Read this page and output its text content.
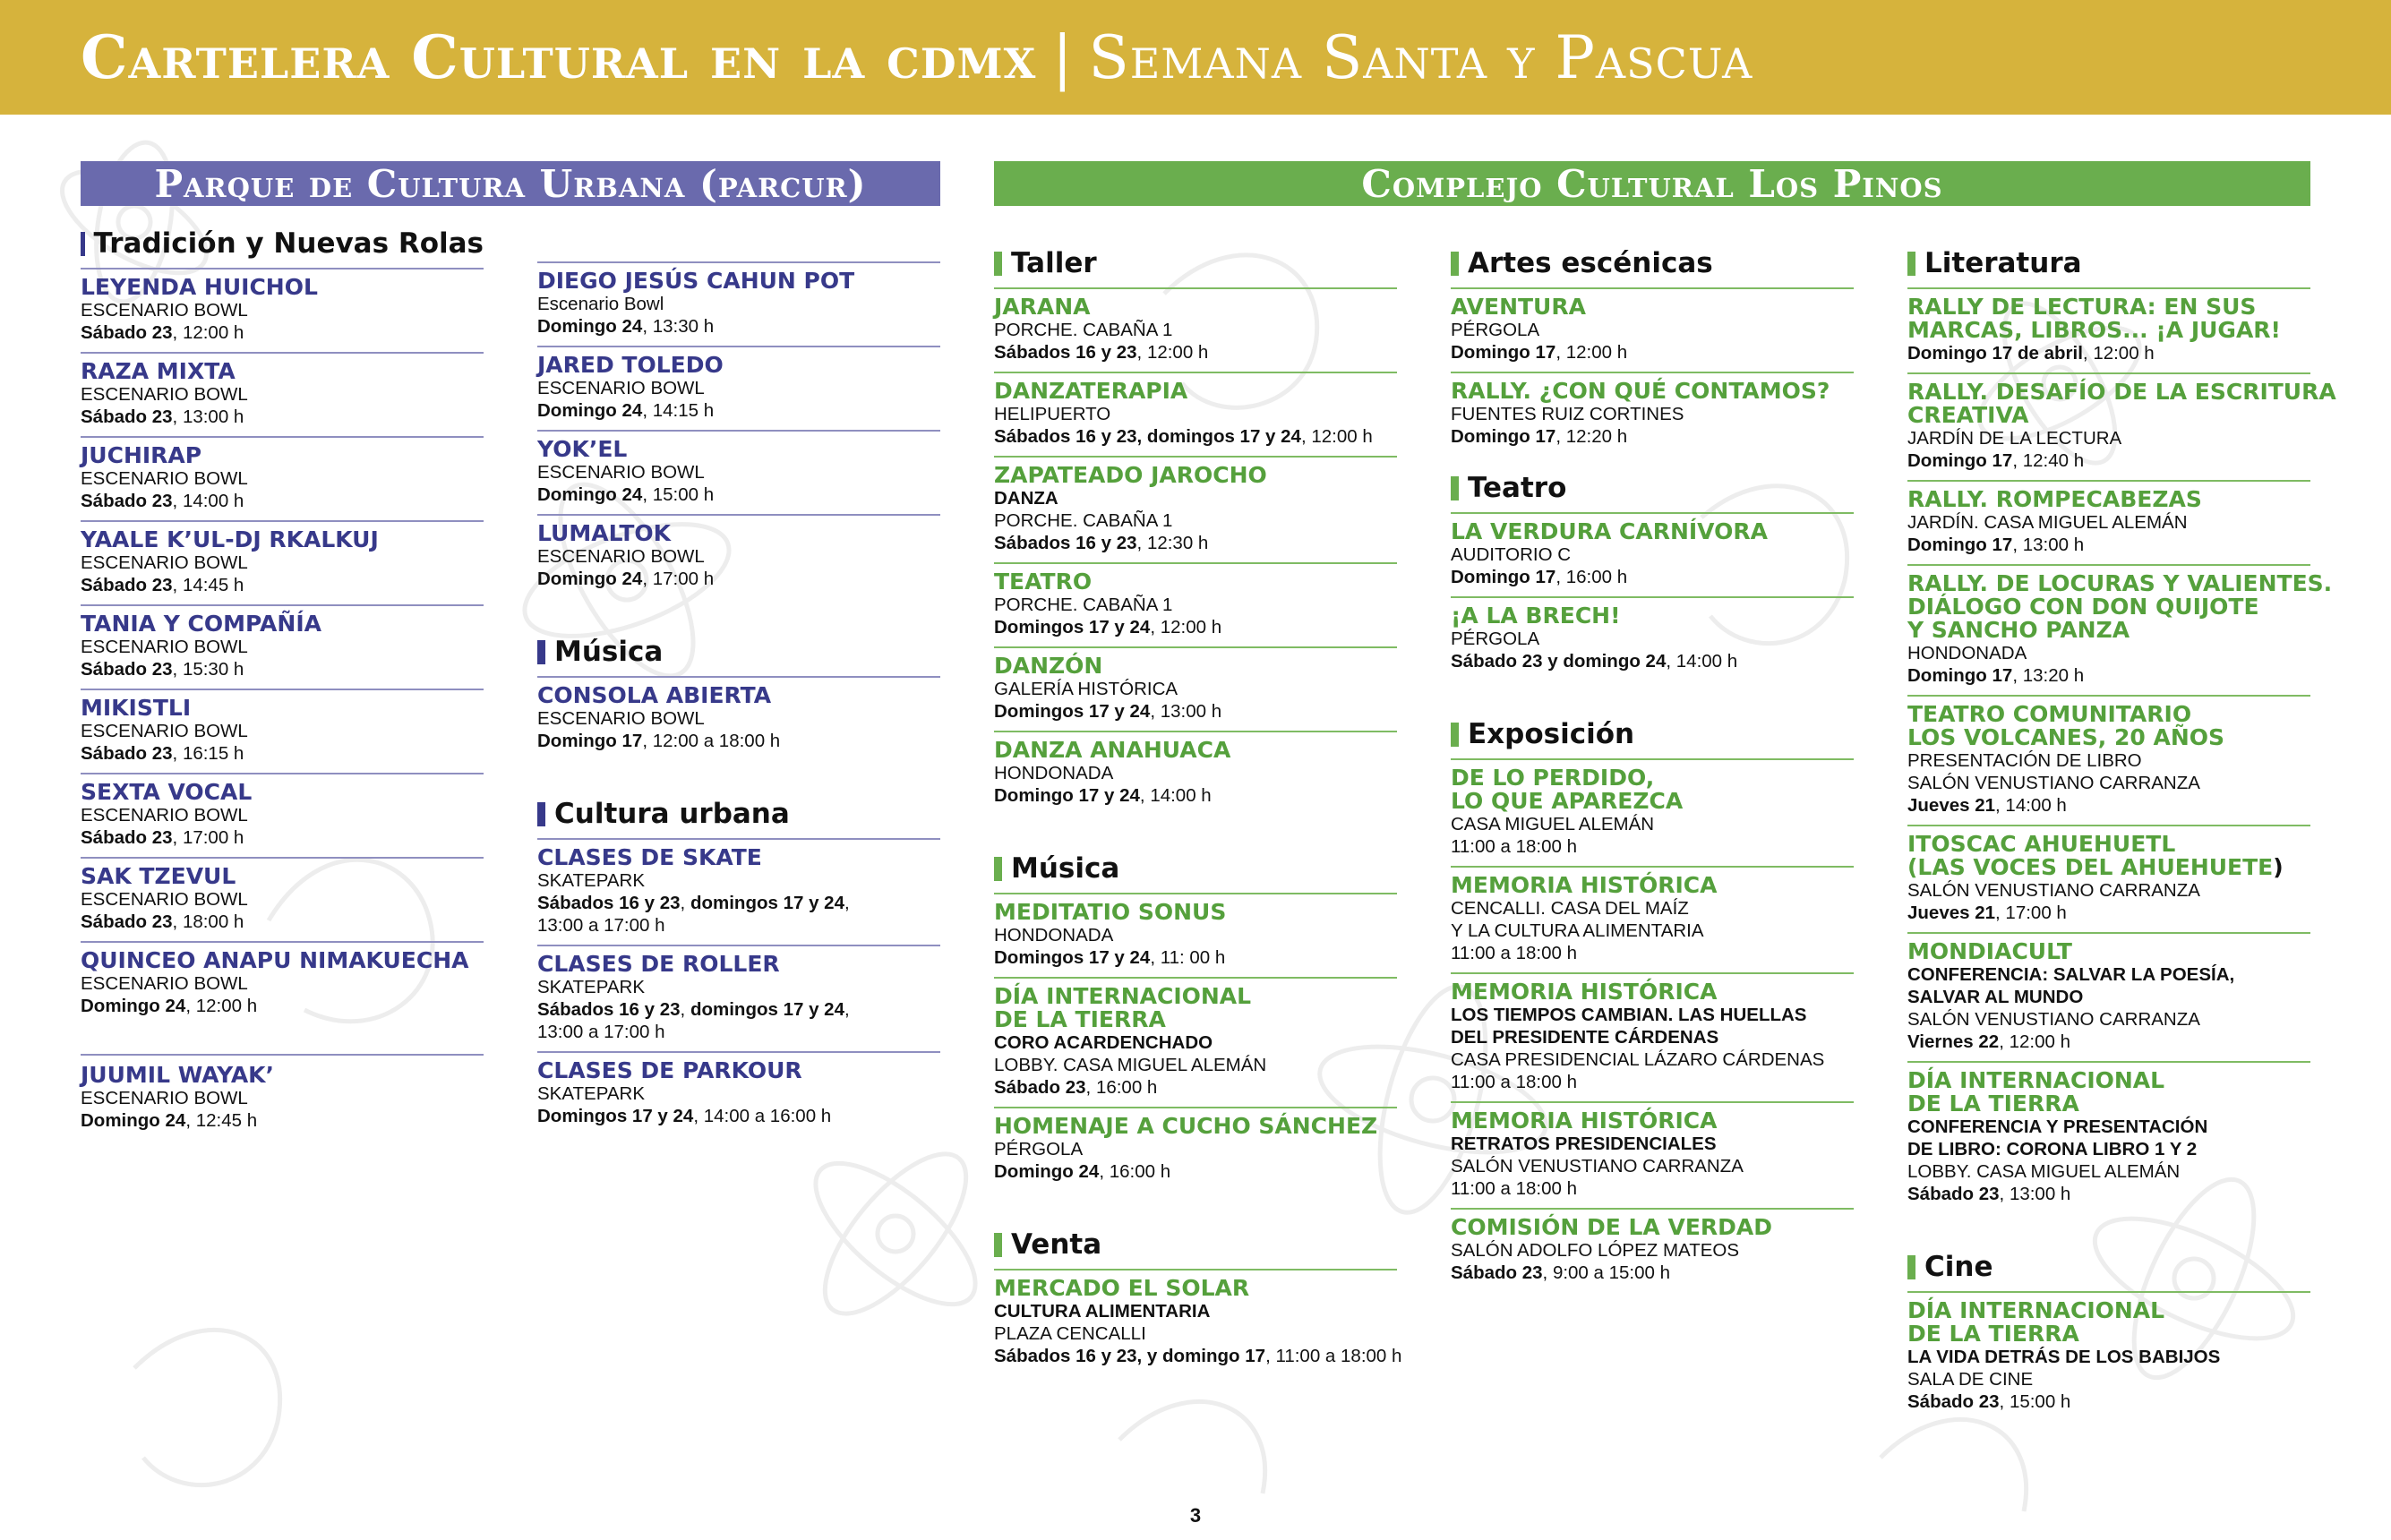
Cartelera Cultural en la cdmx | Semana Santa y Pascua
Parque de Cultura Urbana (parcur)	Complejo Cultural Los Pinos
Tradición y Nuevas Rolas
LEYENDA HUICHOL
ESCENARIO BOWL
Sábado 23, 12:00 h
RAZA MIXTA
ESCENARIO BOWL
Sábado 23, 13:00 h
JUCHIRAP
ESCENARIO BOWL
Sábado 23, 14:00 h
YAALE K’UL-DJ RKALKUJ
ESCENARIO BOWL
Sábado 23, 14:45 h
TANIA Y COMPAÑÍA
ESCENARIO BOWL
Sábado 23, 15:30 h
MIKISTLI
ESCENARIO BOWL
Sábado 23, 16:15 h
SEXTA VOCAL
ESCENARIO BOWL
Sábado 23, 17:00 h
SAK TZEVUL
ESCENARIO BOWL
Sábado 23, 18:00 h
QUINCEO ANAPU NIMAKUECHA
ESCENARIO BOWL
Domingo 24, 12:00 h
JUUMIL WAYAK’
ESCENARIO BOWL
Domingo 24, 12:45 h
DIEGO JESÚS CAHUN POT
Escenario Bowl
Domingo 24, 13:30 h
JARED TOLEDO
ESCENARIO BOWL
Domingo 24, 14:15 h
YOK’EL
ESCENARIO BOWL
Domingo 24, 15:00 h
LUMALTOK
ESCENARIO BOWL
Domingo 24, 17:00 h
Música
CONSOLA ABIERTA
ESCENARIO BOWL
Domingo 17, 12:00 a 18:00 h
Cultura urbana
CLASES DE SKATE
SKATEPARK
Sábados 16 y 23, domingos 17 y 24,
13:00 a 17:00 h
CLASES DE ROLLER
SKATEPARK
Sábados 16 y 23, domingos 17 y 24,
13:00 a 17:00 h
CLASES DE PARKOUR
SKATEPARK
Domingos 17 y 24, 14:00 a 16:00 h
Taller
JARANA
PORCHE. CABAÑA 1
Sábados 16 y 23, 12:00 h
DANZATERAPIA
HELIPUERTO
Sábados 16 y 23, domingos 17 y 24, 12:00 h
ZAPATEADO JAROCHO
DANZA
PORCHE. CABAÑA 1
Sábados 16 y 23, 12:30 h
TEATRO
PORCHE. CABAÑA 1
Domingos 17 y 24, 12:00 h
DANZÓN
GALERÍA HISTÓRICA
Domingos 17 y 24, 13:00 h
DANZA ANAHUACA
HONDONADA
Domingo 17 y 24, 14:00 h
Música
MEDITATIO SONUS
HONDONADA
Domingos 17 y 24, 11: 00 h
DÍA INTERNACIONAL
DE LA TIERRA
CORO ACARDENCHADO
LOBBY. CASA MIGUEL ALEMÁN
Sábado 23, 16:00 h
HOMENAJE A CUCHO SÁNCHEZ
PÉRGOLA
Domingo 24, 16:00 h
Venta
MERCADO EL SOLAR
CULTURA ALIMENTARIA
PLAZA CENCALLI
Sábados 16 y 23, y domingo 17, 11:00 a 18:00 h
Artes escénicas
AVENTURA
PÉRGOLA
Domingo 17, 12:00 h
RALLY. ¿CON QUÉ CONTAMOS?
FUENTES RUIZ CORTINES
Domingo 17, 12:20 h
Teatro
LA VERDURA CARNÍVORA
AUDITORIO C
Domingo 17, 16:00 h
¡A LA BRECH!
PÉRGOLA
Sábado 23 y domingo 24, 14:00 h
Exposición
DE LO PERDIDO,
LO QUE APAREZCA
CASA MIGUEL ALEMÁN
11:00 a 18:00 h
MEMORIA HISTÓRICA
CENCALLI. CASA DEL MAÍZ
Y LA CULTURA ALIMENTARIA
11:00 a 18:00 h
MEMORIA HISTÓRICA
LOS TIEMPOS CAMBIAN. LAS HUELLAS
DEL PRESIDENTE CÁRDENAS
CASA PRESIDENCIAL LÁZARO CÁRDENAS
11:00 a 18:00 h
MEMORIA HISTÓRICA
RETRATOS PRESIDENCIALES
SALÓN VENUSTIANO CARRANZA
11:00 a 18:00 h
COMISIÓN DE LA VERDAD
SALÓN ADOLFO LÓPEZ MATEOS
Sábado 23, 9:00 a 15:00 h
Literatura
RALLY DE LECTURA: EN SUS
MARCAS, LIBROS... ¡A JUGAR!
Domingo 17 de abril, 12:00 h
RALLY. DESAFÍO DE LA ESCRITURA
CREATIVA
JARDÍN DE LA LECTURA
Domingo 17, 12:40 h
RALLY. ROMPECABEZAS
JARDÍN. CASA MIGUEL ALEMÁN
Domingo 17, 13:00 h
RALLY. DE LOCURAS Y VALIENTES.
DIÁLOGO CON DON QUIJOTE
Y SANCHO PANZA
HONDONADA
Domingo 17, 13:20 h
TEATRO COMUNITARIO
LOS VOLCANES, 20 AÑOS
PRESENTACIÓN DE LIBRO
SALÓN VENUSTIANO CARRANZA
Jueves 21, 14:00 h
ITOSCAC AHUEHUETL
(LAS VOCES DEL AHUEHUETE)
SALÓN VENUSTIANO CARRANZA
Jueves 21, 17:00 h
MONDIACULT
CONFERENCIA: SALVAR LA POESÍA,
SALVAR AL MUNDO
SALÓN VENUSTIANO CARRANZA
Viernes 22, 12:00 h
DÍA INTERNACIONAL
DE LA TIERRA
CONFERENCIA Y PRESENTACIÓN
DE LIBRO: CORONA LIBRO 1 Y 2
LOBBY. CASA MIGUEL ALEMÁN
Sábado 23, 13:00 h
Cine
DÍA INTERNACIONAL
DE LA TIERRA
LA VIDA DETRÁS DE LOS BABIJOS
SALA DE CINE
Sábado 23, 15:00 h
3
